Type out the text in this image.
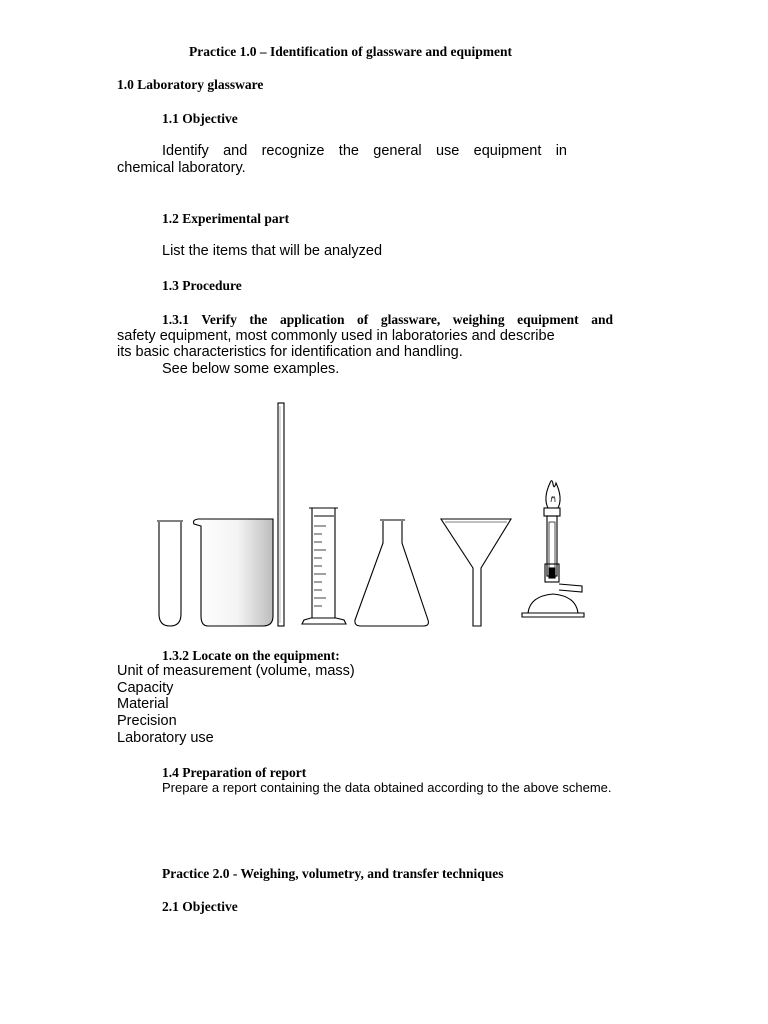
Practice 1.0 – Identification of glassware and equipment
1.0 Laboratory glassware
1.1 Objective
Identify and recognize the general use equipment in
chemical laboratory.
1.2 Experimental part
List the items that will be analyzed
1.3 Procedure
1.3.1 Verify the application of glassware, weighing equipment and
safety equipment, most commonly used in laboratories and describe
its basic characteristics for identification and handling.
See below some examples.
1.3.2 Locate on the equipment:
Unit of measurement (volume, mass)
Capacity
Material
Precision
Laboratory use
1.4 Preparation of report
Prepare a report containing the data obtained according to the above scheme.
Practice 2.0 - Weighing, volumetry, and transfer techniques
2.1 Objective
